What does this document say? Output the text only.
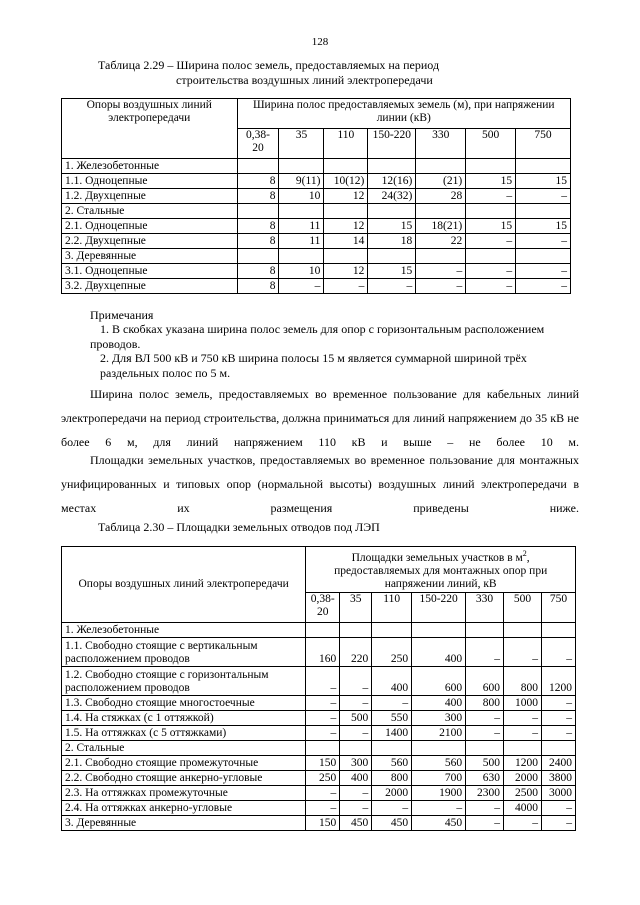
128
Таблица 2.29 – Ширина полос земель, предоставляемых на период
строительства воздушных линий электропередачи
Опоры воздушных линий электропередачи	Ширина полос предоставляемых земель (м), при напряжении линии (кВ)						
	0,38-20	35	110	150-220	330	500	750
1. Железобетонные							
1.1. Одноцепные	8	9(11)	10(12)	12(16)	(21)	15	15
1.2. Двухцепные	8	10	12	24(32)	28	–	–
2. Стальные							
2.1. Одноцепные	8	11	12	15	18(21)	15	15
2.2. Двухцепные	8	11	14	18	22	–	–
3. Деревянные							
3.1. Одноцепные	8	10	12	15	–	–	–
3.2. Двухцепные	8	–	–	–	–	–	–
Примечания
1. В скобках указана ширина полос земель для опор с горизонтальным расположением проводов.
2. Для ВЛ 500 кВ и 750 кВ ширина полосы 15 м является суммарной шириной трёх раздельных полос по 5 м.
Ширина полос земель, предоставляемых во временное пользование для кабельных линий электропередачи на период строительства, должна приниматься для линий напряжением до 35 кВ не более 6 м, для линий напряжением 110 кВ и выше – не более 10 м.
Площадки земельных участков, предоставляемых во временное пользование для монтажных унифицированных и типовых опор (нормальной высоты) воздушных линий электропередачи в местах их размещения приведены ниже.
Таблица 2.30 – Площадки земельных отводов под ЛЭП
Опоры воздушных линий электропередачи	Площадки земельных участков в $м^2$, предоставляемых для монтажных опор при напряжении линий, кВ						
	0,38-20	35	110	150-220	330	500	750
1. Железобетонные							
1.1. Свободно стоящие с вертикальным расположением проводов	160	220	250	400	–	–	–
1.2. Свободно стоящие с горизонтальным расположением проводов	–	–	400	600	600	800	1200
1.3. Свободно стоящие многостоечные	–	–	–	400	800	1000	–
1.4. На стяжках (с 1 оттяжкой)	–	500	550	300	–	–	–
1.5. На оттяжках (с 5 оттяжками)	–	–	1400	2100	–	–	–
2. Стальные							
2.1. Свободно стоящие промежуточные	150	300	560	560	500	1200	2400
2.2. Свободно стоящие анкерно-угловые	250	400	800	700	630	2000	3800
2.3. На оттяжках промежуточные	–	–	2000	1900	2300	2500	3000
2.4. На оттяжках анкерно-угловые	–	–	–	–	–	4000	–
3. Деревянные	150	450	450	450	–	–	–
